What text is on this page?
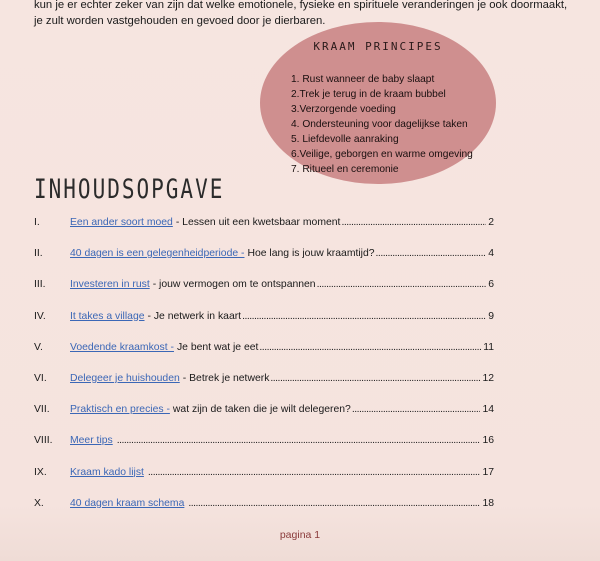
kun je er echter zeker van zijn dat welke emotionele, fysieke en spirituele veranderingen je ook doormaakt,

je zult worden vastgehouden en gevoed door je dierbaren.

KRAAM PRINCIPES
1. Rust wanneer de baby slaapt
2.Trek je terug in de kraam bubbel
3.Verzorgende voeding
4. Ondersteuning voor dagelijkse taken
5. Liefdevolle aanraking
6.Veilige, geborgen en warme omgeving
7. Ritueel en ceremonie
INHOUDSOPGAVE
I.	Een ander soort moed - Lessen uit een kwetsbaar moment .....	2
II.	40 dagen is een gelegenheidperiode - Hoe lang is jouw kraamtijd? .....	4
III.	Investeren in rust - jouw vermogen om te ontspannen .....	6
IV.	It takes a village - Je netwerk in kaart .....	9
V.	Voedende kraamkost - Je bent wat je eet .....	11
VI.	Delegeer je huishouden - Betrek je netwerk .....	12
VII.	Praktisch en precies - wat zijn de taken die je wilt delegeren? .....	14
VIII.	Meer tips .....	16
IX.	Kraam kado lijst .....	17
X.	40 dagen kraam schema .....	18
pagina 1
